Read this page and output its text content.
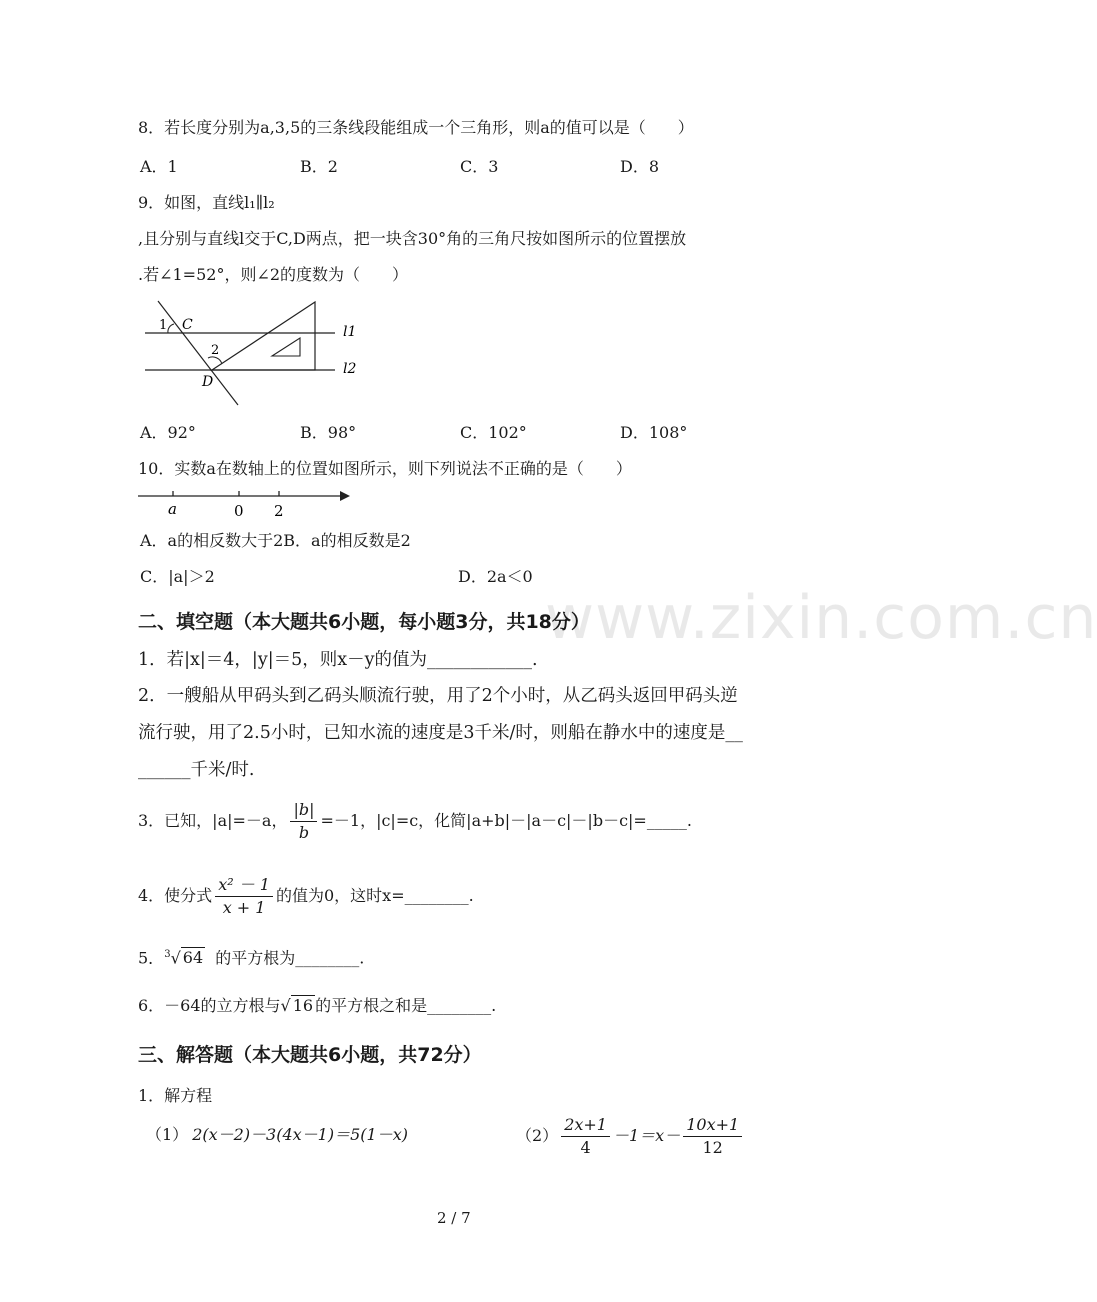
www.zixin.com.cn
8．若长度分别为a,3,5的三条线段能组成一个三角形，则a的值可以是（　　）
A．1	B．2	C．3	D．8
9．如图，直线l₁∥l₂
,且分别与直线l交于C,D两点，把一块含30°角的三角尺按如图所示的位置摆放
.若∠1=52°，则∠2的度数为（　　）
1 C
2
D
l1
l2
A．92°	B．98°	C．102°	D．108°
10．实数a在数轴上的位置如图所示，则下列说法不正确的是（　　）
a	0 2
A．a的相反数大于2B．a的相反数是2
C．|a|＞2	D．2a＜0
二、填空题（本大题共6小题，每小题3分，共18分）
1．若|x|＝4，|y|＝5，则x－y的值为____________.
2．一艘船从甲码头到乙码头顺流行驶，用了2个小时，从乙码头返回甲码头逆
流行驶，用了2.5小时，已知水流的速度是3千米/时，则船在静水中的速度是__
______千米/时.
3．已知，|a|=－a， $\frac{|b|}{b} =-1$，|c|=c，化简|a+b|－|a－c|－|b－c|=_____.
4．使分式 $\frac{\text{x² － 1}}{x + 1}$ 的值为0，这时x=________.
5．$^3$√ 64 的平方根为________.
6．－64的立方根与√ 16 的平方根之和是________.
三、解答题（本大题共6小题，共72分）
1．解方程
（1） 2(x－2)－3(4x－1)＝5(1－x)	$(2) \frac{2x+1}{4} -1=x- \frac{10x+1}{12}$
2 / 7
